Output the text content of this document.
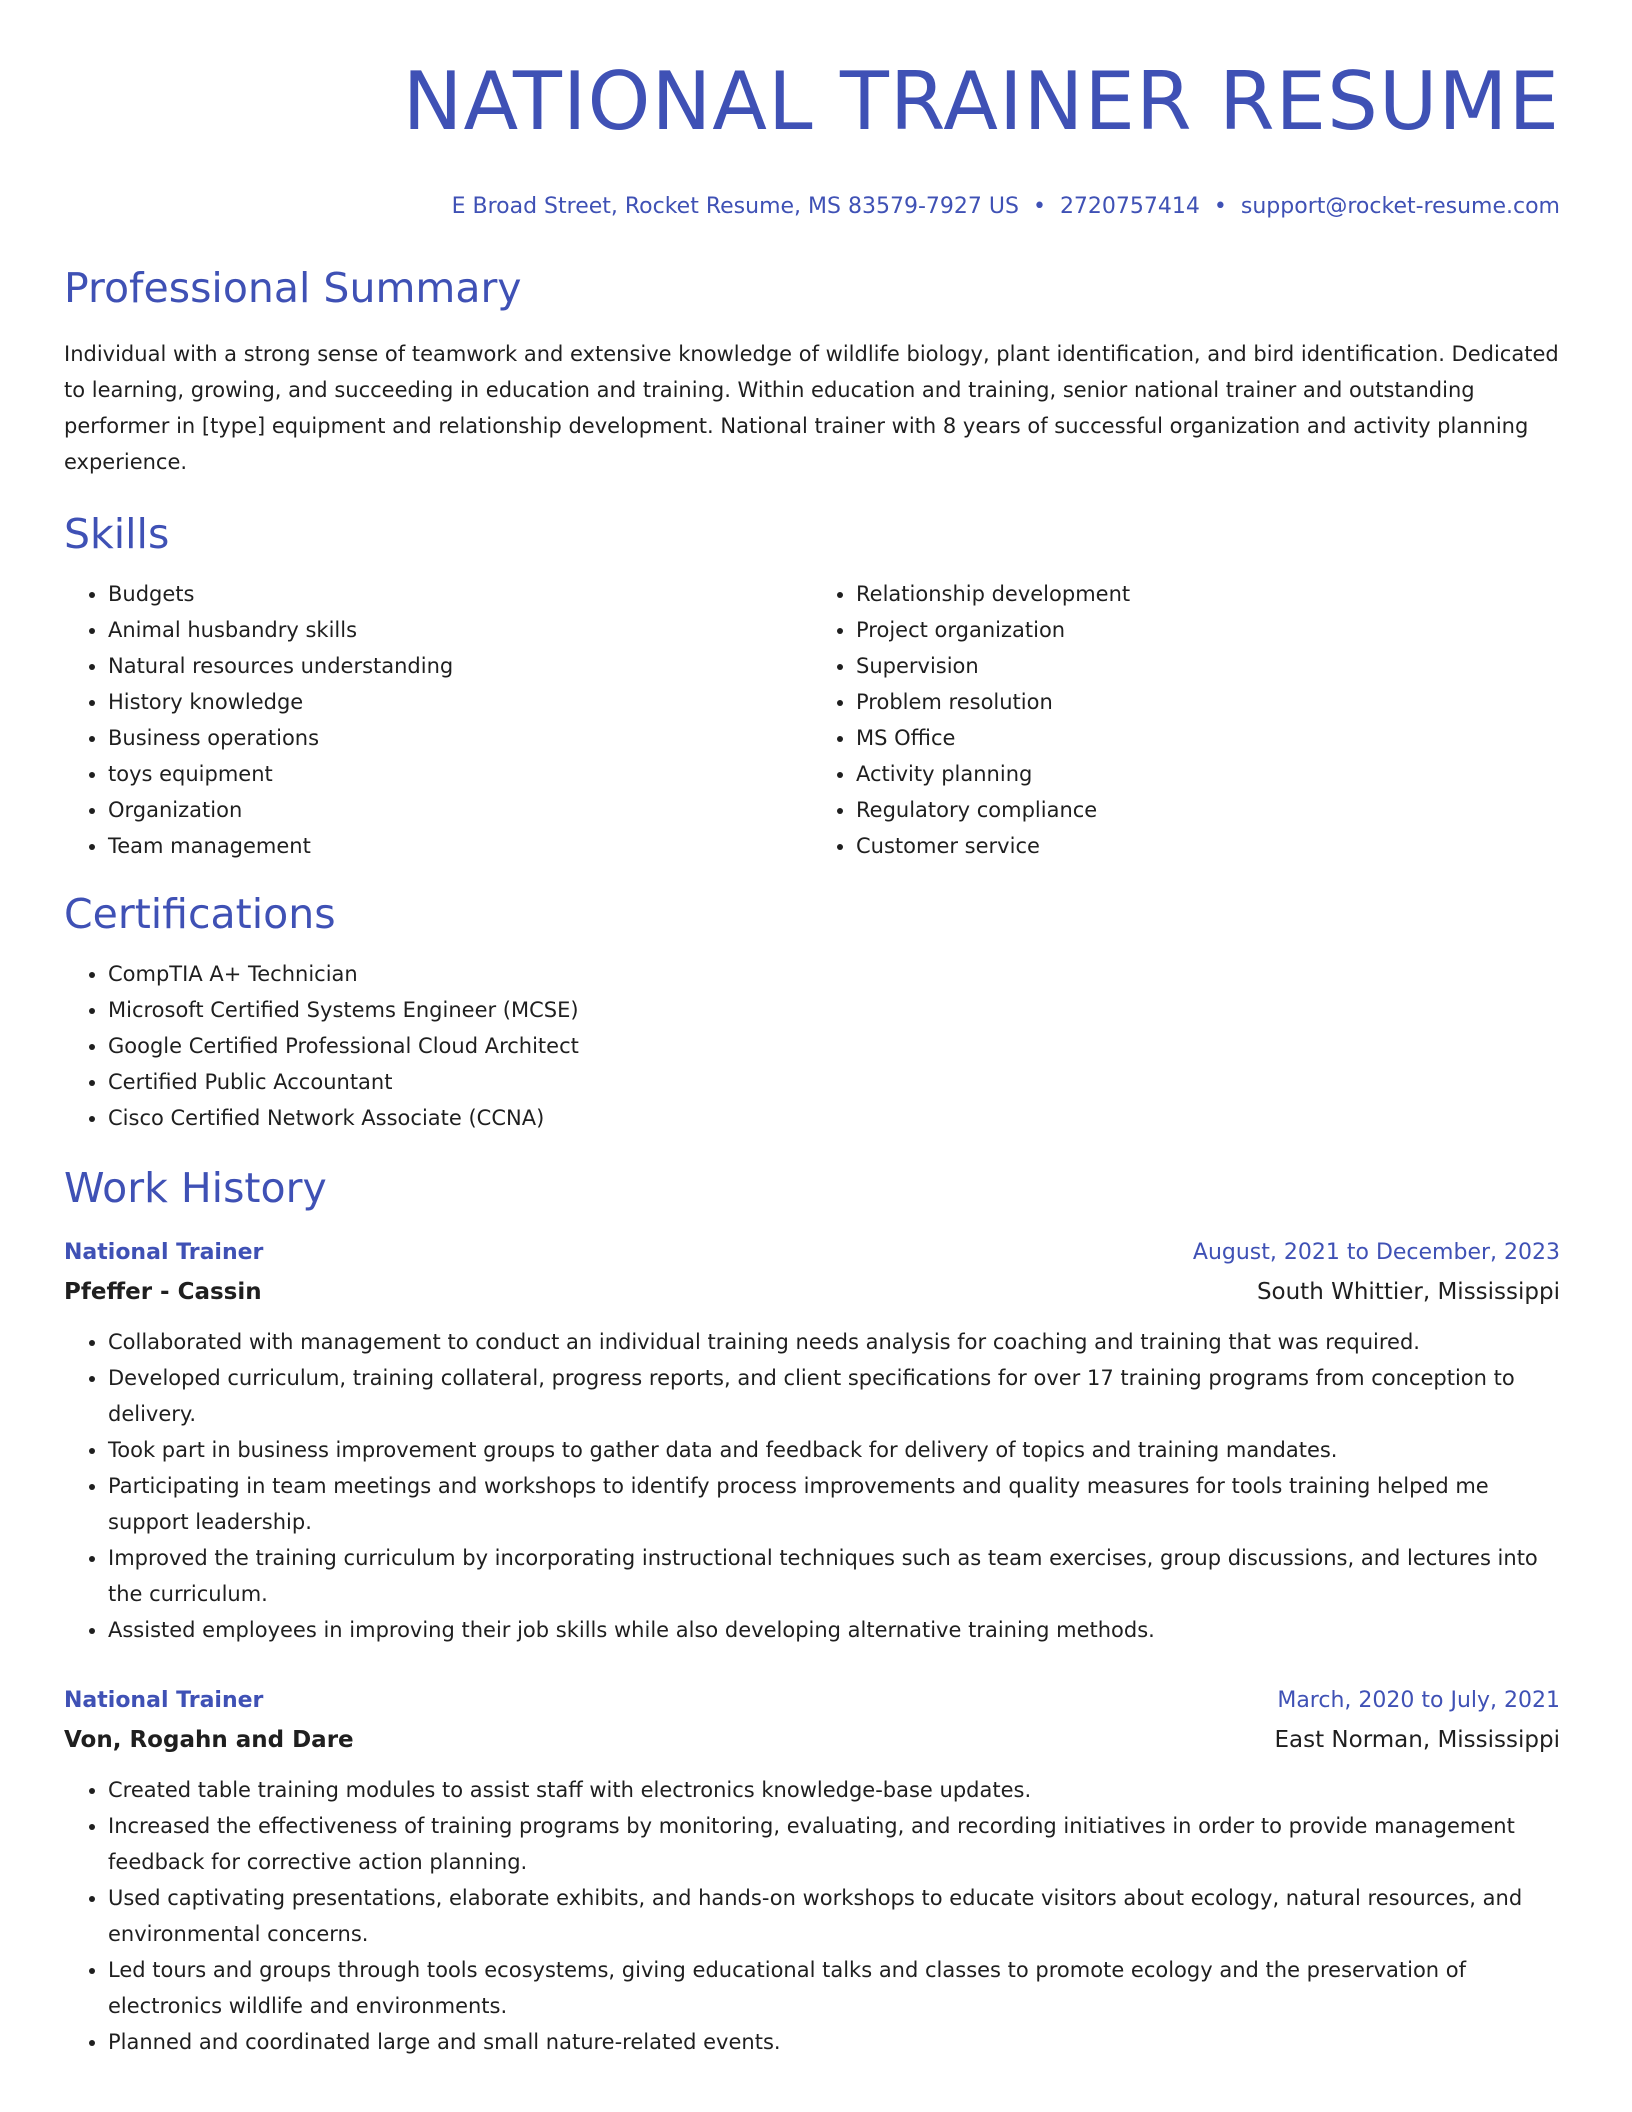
NATIONAL TRAINER RESUME
E Broad Street, Rocket Resume, MS 83579-7927 US • 2720757414 • support@rocket-resume.com
Professional Summary

Individual with a strong sense of teamwork and extensive knowledge of wildlife biology, plant identification, and bird identification. Dedicated to learning, growing, and succeeding in education and training. Within education and training, senior national trainer and outstanding performer in [type] equipment and relationship development. National trainer with 8 years of successful organization and activity planning experience.

Skills
• Budgets
• Animal husbandry skills
• Natural resources understanding
• History knowledge
• Business operations
• toys equipment
• Organization
• Team management
• Relationship development
• Project organization
• Supervision
• Problem resolution
• MS Office
• Activity planning
• Regulatory compliance
• Customer service
Certifications
• CompTIA A+ Technician
• Microsoft Certified Systems Engineer (MCSE)
• Google Certified Professional Cloud Architect
• Certified Public Accountant
• Cisco Certified Network Associate (CCNA)
Work History
National Trainer	August, 2021 to December, 2023
Pfeffer - Cassin	South Whittier, Mississippi
• Collaborated with management to conduct an individual training needs analysis for coaching and training that was required.
• Developed curriculum, training collateral, progress reports, and client specifications for over 17 training programs from conception to delivery.
• Took part in business improvement groups to gather data and feedback for delivery of topics and training mandates.
• Participating in team meetings and workshops to identify process improvements and quality measures for tools training helped me support leadership.
• Improved the training curriculum by incorporating instructional techniques such as team exercises, group discussions, and lectures into the curriculum.
• Assisted employees in improving their job skills while also developing alternative training methods.
National Trainer	March, 2020 to July, 2021
Von, Rogahn and Dare	East Norman, Mississippi
• Created table training modules to assist staff with electronics knowledge-base updates.
• Increased the effectiveness of training programs by monitoring, evaluating, and recording initiatives in order to provide management feedback for corrective action planning.
• Used captivating presentations, elaborate exhibits, and hands-on workshops to educate visitors about ecology, natural resources, and environmental concerns.
• Led tours and groups through tools ecosystems, giving educational talks and classes to promote ecology and the preservation of electronics wildlife and environments.
• Planned and coordinated large and small nature-related events.
